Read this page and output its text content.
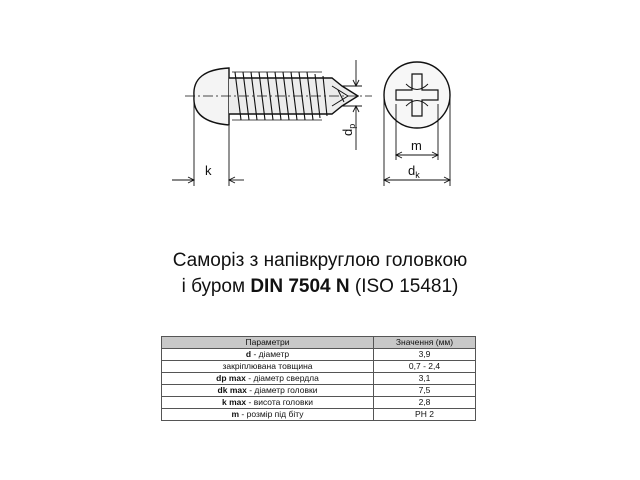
k
$d_p$
m
$d_k$
Саморіз з напівкруглою головкою
і буром DIN 7504 N (ISO 15481)
Параметри	Значення (мм)
d - діаметр	3,9
закріплювана товщина	0,7 - 2,4
dp max - діаметр свердла	3,1
dk max - діаметр головки	7,5
k max - висота головки	2,8
m - розмір під біту	PH 2
